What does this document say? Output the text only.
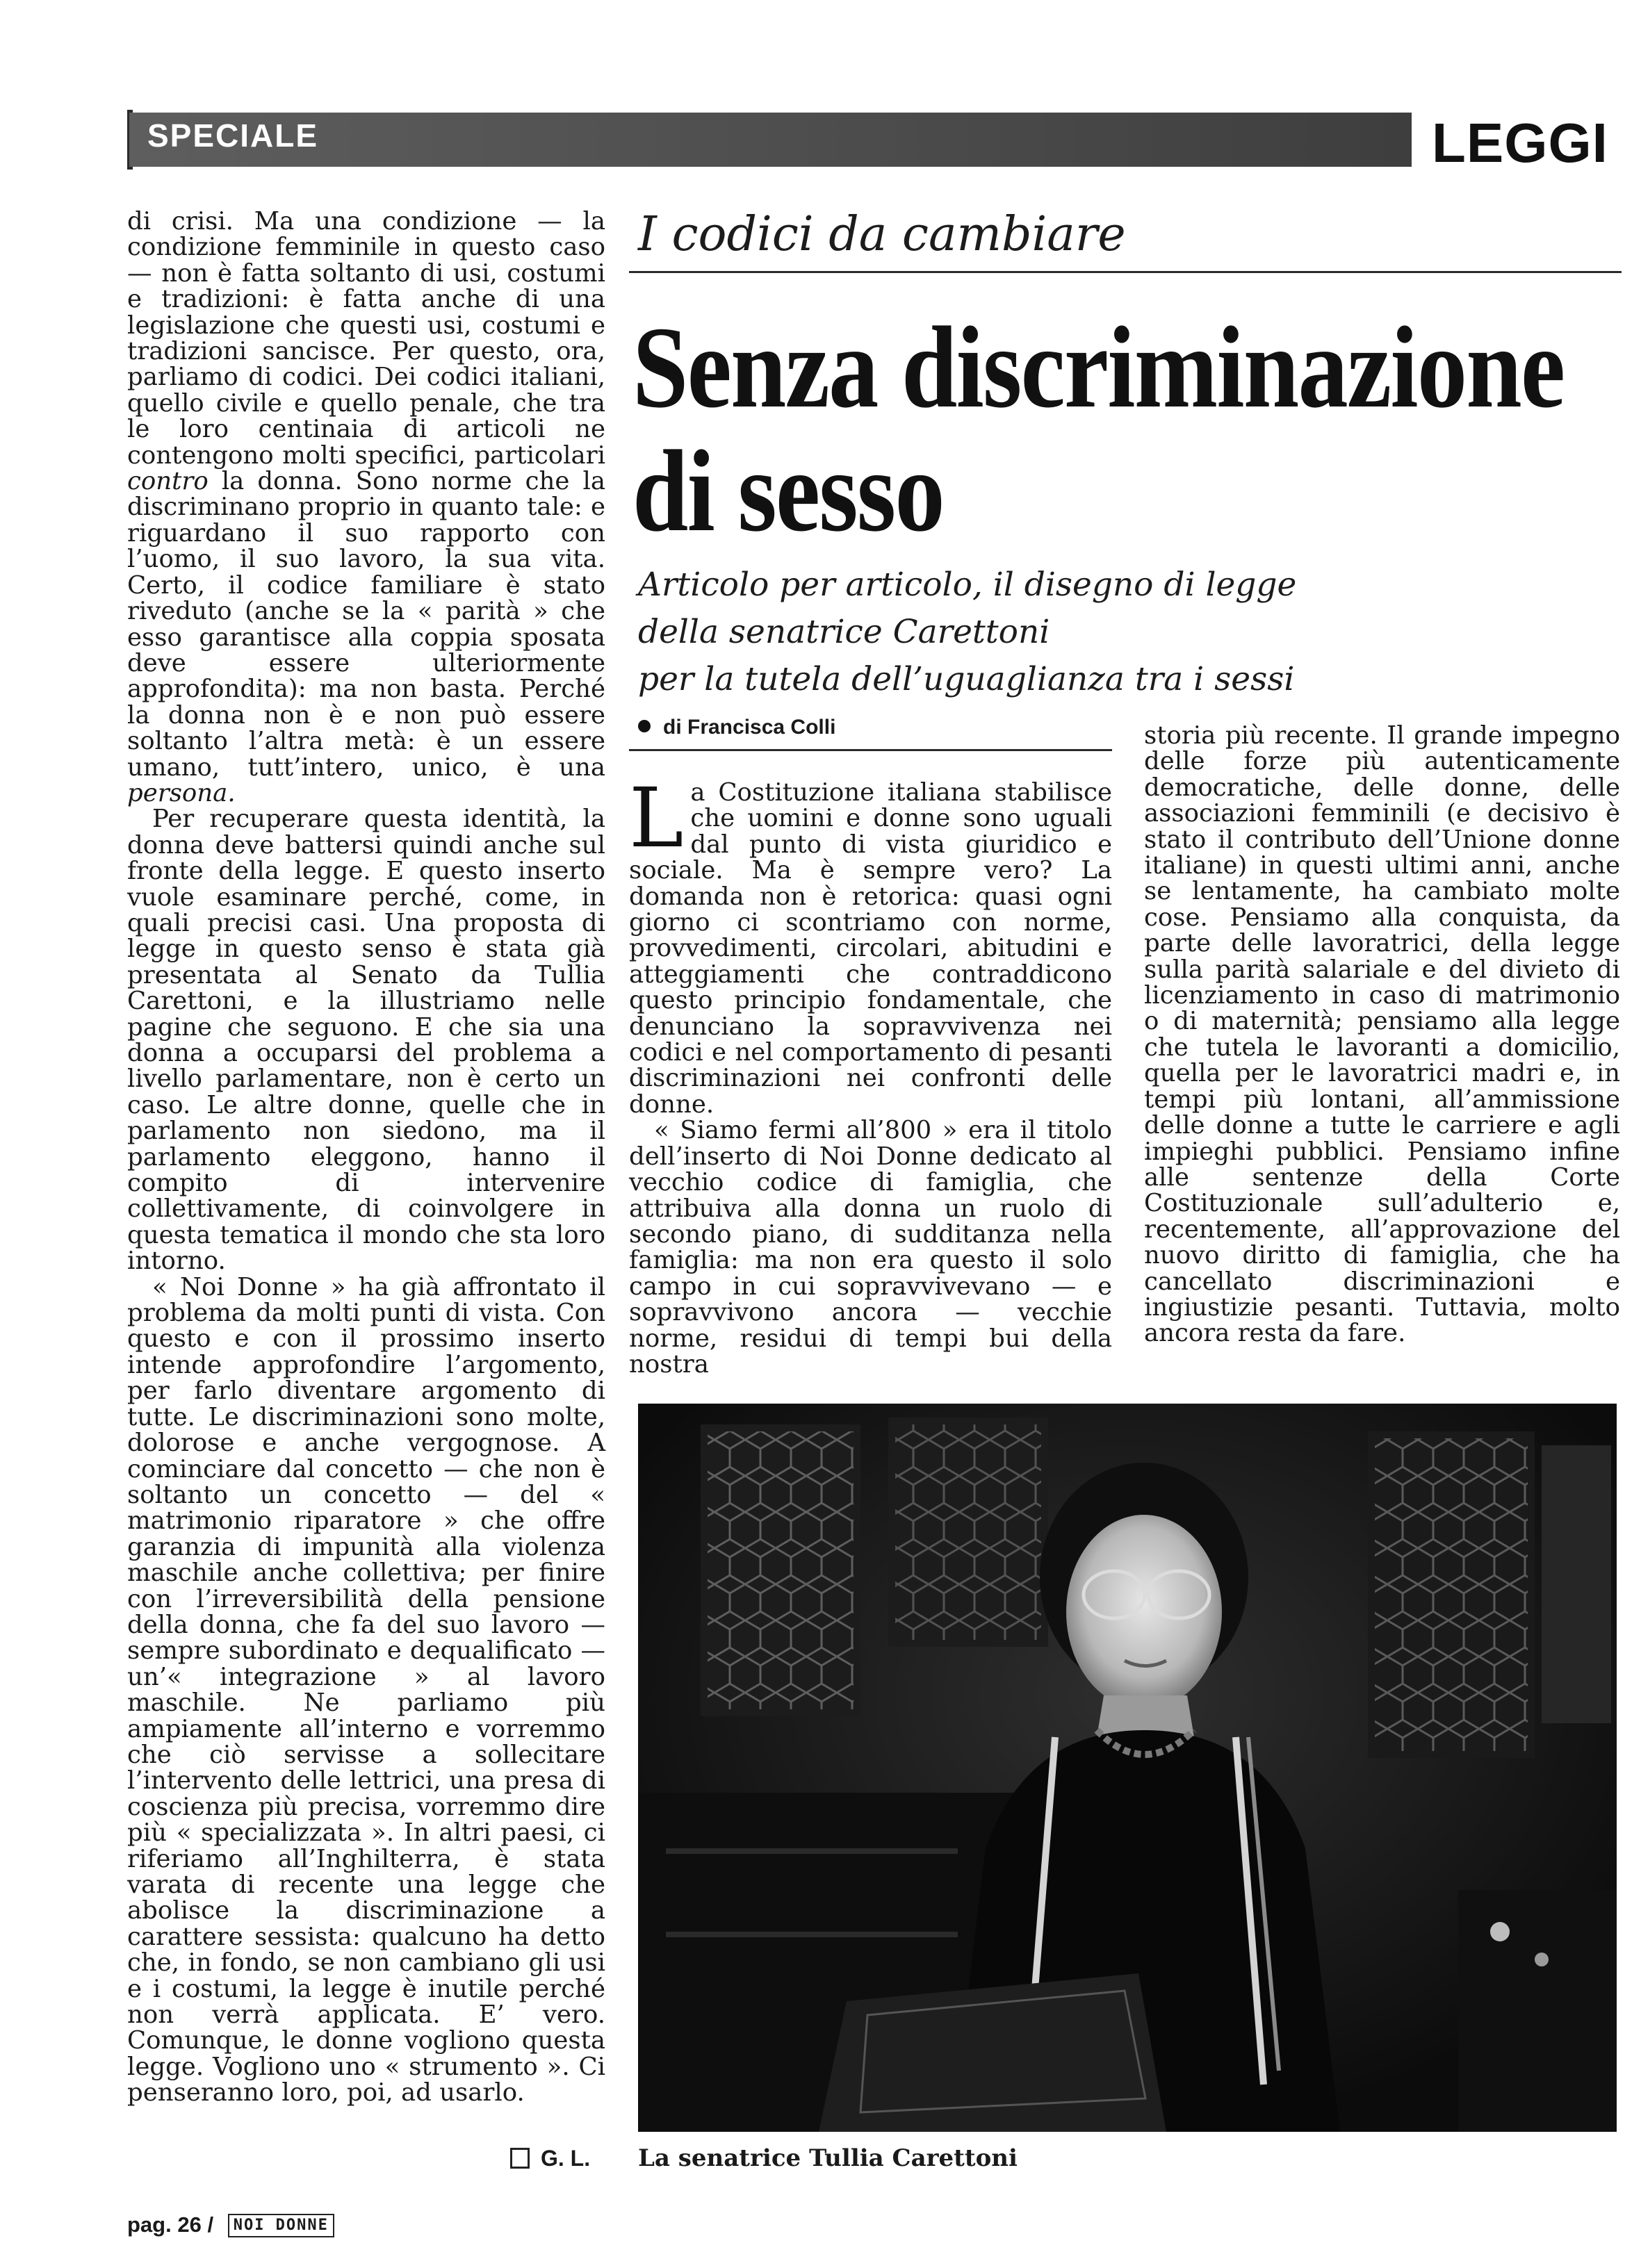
SPECIALE	LEGGI

di crisi. Ma una condizione — la condizione femminile in questo caso — non è fatta soltanto di usi, costumi e tradizioni: è fatta anche di una legislazione che questi usi, costumi e tradizioni sancisce. Per questo, ora, parliamo di codici. Dei codici italiani, quello civile e quello penale, che tra le loro centinaia di articoli ne contengono molti specifici, particolari contro la donna. Sono norme che la discriminano proprio in quanto tale: e riguardano il suo rapporto con l’uomo, il suo lavoro, la sua vita. Certo, il codice familiare è stato riveduto (anche se la « parità » che esso garantisce alla coppia sposata deve essere ulteriormente approfondita): ma non basta. Perché la donna non è e non può essere soltanto l’altra metà: è un essere umano, tutt’intero, unico, è una persona.

Per recuperare questa identità, la donna deve battersi quindi anche sul fronte della legge. E questo inserto vuole esaminare perché, come, in quali precisi casi. Una proposta di legge in questo senso è stata già presentata al Senato da Tullia Carettoni, e la illustriamo nelle pagine che seguono. E che sia una donna a occuparsi del problema a livello parlamentare, non è certo un caso. Le altre donne, quelle che in parlamento non siedono, ma il parlamento eleggono, hanno il compito di intervenire collettivamente, di coinvolgere in questa tematica il mondo che sta loro intorno.

« Noi Donne » ha già affrontato il problema da molti punti di vista. Con questo e con il prossimo inserto intende approfondire l’argomento, per farlo diventare argomento di tutte. Le discriminazioni sono molte, dolorose e anche vergognose. A cominciare dal concetto — che non è soltanto un concetto — del « matrimonio riparatore » che offre garanzia di impunità alla violenza maschile anche collettiva; per finire con l’irreversibilità della pensione della donna, che fa del suo lavoro — sempre subordinato e dequalificato — un’« integrazione » al lavoro maschile. Ne parliamo più ampiamente all’interno e vorremmo che ciò servisse a sollecitare l’intervento delle lettrici, una presa di coscienza più precisa, vorremmo dire più « specializzata ». In altri paesi, ci riferiamo all’Inghilterra, è stata varata di recente una legge che abolisce la discriminazione a carattere sessista: qualcuno ha detto che, in fondo, se non cambiano gli usi e i costumi, la legge è inutile perché non verrà applicata. E’ vero. Comunque, le donne vogliono questa legge. Vogliono uno « strumento ». Ci penseranno loro, poi, ad usarlo.

G. L.
I codici da cambiare
Senza discriminazione
di sesso
Articolo per articolo, il disegno di legge
della senatrice Carettoni
per la tutela dell’uguaglianza tra i sessi
di Francisca Colli

La Costituzione italiana stabilisce che uomini e donne sono uguali dal punto di vista giuridico e sociale. Ma è sempre vero? La domanda non è retorica: quasi ogni giorno ci scontriamo con norme, provvedimenti, circolari, abitudini e atteggiamenti che contraddicono questo principio fondamentale, che denunciano la sopravvivenza nei codici e nel comportamento di pesanti discriminazioni nei confronti delle donne.

« Siamo fermi all’800 » era il titolo dell’inserto di Noi Donne dedicato al vecchio codice di famiglia, che attribuiva alla donna un ruolo di secondo piano, di sudditanza nella famiglia: ma non era questo il solo campo in cui sopravvivevano — e sopravvivono ancora — vecchie norme, residui di tempi bui della nostra

storia più recente. Il grande impegno delle forze più autenticamente democratiche, delle donne, delle associazioni femminili (e decisivo è stato il contributo dell’Unione donne italiane) in questi ultimi anni, anche se lentamente, ha cambiato molte cose. Pensiamo alla conquista, da parte delle lavoratrici, della legge sulla parità salariale e del divieto di licenziamento in caso di matrimonio o di maternità; pensiamo alla legge che tutela le lavoranti a domicilio, quella per le lavoratrici madri e, in tempi più lontani, all’ammissione delle donne a tutte le carriere e agli impieghi pubblici. Pensiamo infine alle sentenze della Corte Costituzionale sull’adulterio e, recentemente, all’approvazione del nuovo diritto di famiglia, che ha cancellato discriminazioni e ingiustizie pesanti. Tuttavia, molto ancora resta da fare.

La senatrice Tullia Carettoni
pag. 26 / NOI DONNE
